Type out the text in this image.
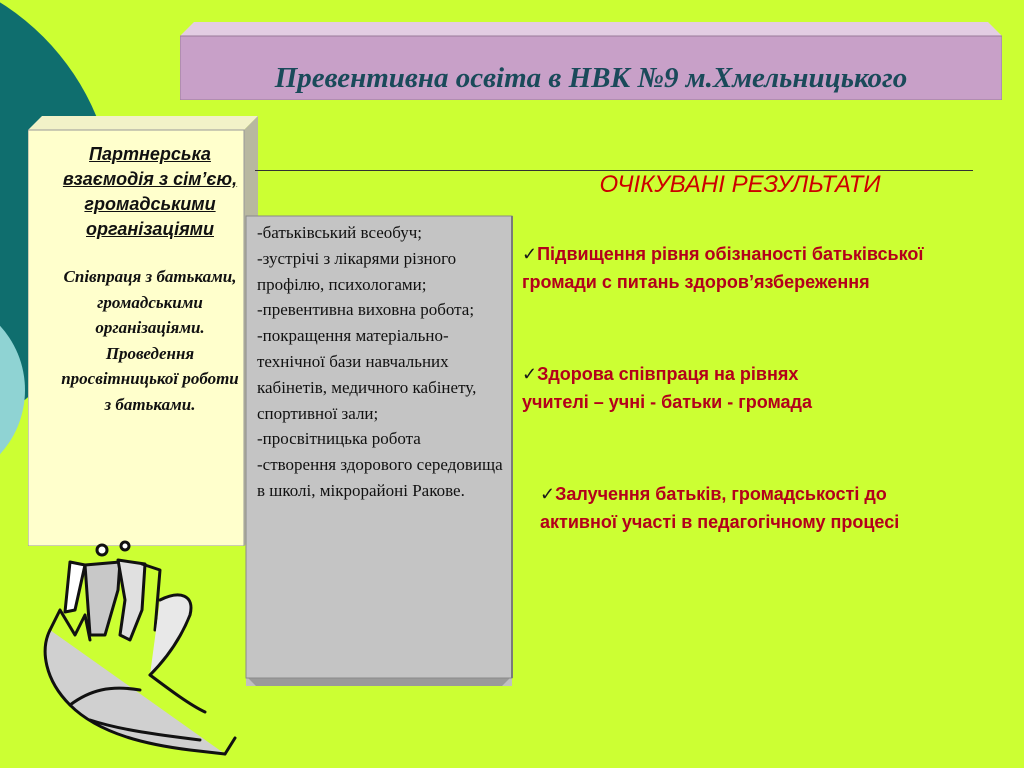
Превентивна освіта в НВК №9 м.Хмельницького
Партнерська взаємодія з сім’єю, громадськими організаціями
Співпраця з батьками, громадськими організаціями. Проведення просвітницької роботи з батьками.
ОЧІКУВАНІ РЕЗУЛЬТАТИ
-батьківський всеобуч;
-зустрічі з лікарями різного профілю, психологами;
-превентивна виховна робота;
-покращення матеріально-технічної бази навчальних кабінетів, медичного кабінету, спортивної зали;
-просвітницька робота
-створення здорового середовища в школі, мікрорайоні Ракове.
✓Підвищення рівня обізнаності батьківської
громади с питань здоров’язбереження
✓Здорова співпраця на рівнях
учителі – учні - батьки - громада
✓Залучення батьків, громадськості до
активної участі в педагогічному процесі
